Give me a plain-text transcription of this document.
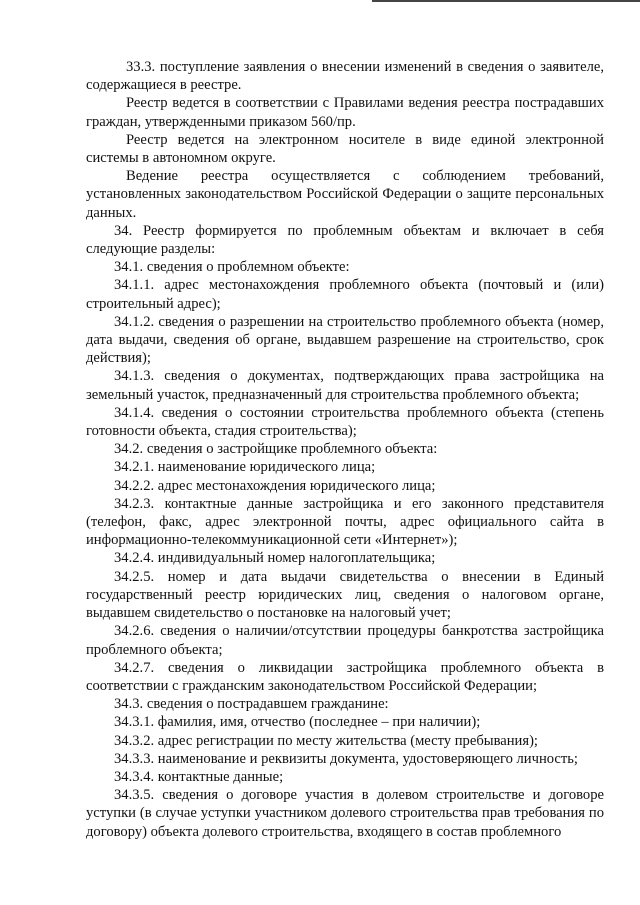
33.3. поступление заявления о внесении изменений в сведения о заявителе, содержащиеся в реестре.

Реестр ведется в соответствии с Правилами ведения реестра пострадавших граждан, утвержденными приказом 560/пр.

Реестр ведется на электронном носителе в виде единой электронной системы в автономном округе.

Ведение реестра осуществляется с соблюдением требований, установленных законодательством Российской Федерации о защите персональных данных.

34. Реестр формируется по проблемным объектам и включает в себя следующие разделы:

34.1. сведения о проблемном объекте:

34.1.1. адрес местонахождения проблемного объекта (почтовый и (или) строительный адрес);

34.1.2. сведения о разрешении на строительство проблемного объекта (номер, дата выдачи, сведения об органе, выдавшем разрешение на строительство, срок действия);

34.1.3. сведения о документах, подтверждающих права застройщика на земельный участок, предназначенный для строительства проблемного объекта;

34.1.4. сведения о состоянии строительства проблемного объекта (степень готовности объекта, стадия строительства);

34.2. сведения о застройщике проблемного объекта:

34.2.1. наименование юридического лица;

34.2.2. адрес местонахождения юридического лица;

34.2.3. контактные данные застройщика и его законного представителя (телефон, факс, адрес электронной почты, адрес официального сайта в информационно-телекоммуникационной сети «Интернет»);

34.2.4. индивидуальный номер налогоплательщика;

34.2.5. номер и дата выдачи свидетельства о внесении в Единый государственный реестр юридических лиц, сведения о налоговом органе, выдавшем свидетельство о постановке на налоговый учет;

34.2.6. сведения о наличии/отсутствии процедуры банкротства застройщика проблемного объекта;

34.2.7. сведения о ликвидации застройщика проблемного объекта в соответствии с гражданским законодательством Российской Федерации;

34.3. сведения о пострадавшем гражданине:

34.3.1. фамилия, имя, отчество (последнее – при наличии);

34.3.2. адрес регистрации по месту жительства (месту пребывания);

34.3.3. наименование и реквизиты документа, удостоверяющего личность;

34.3.4. контактные данные;

34.3.5. сведения о договоре участия в долевом строительстве и договоре уступки (в случае уступки участником долевого строительства прав требования по договору) объекта долевого строительства, входящего в состав проблемного
